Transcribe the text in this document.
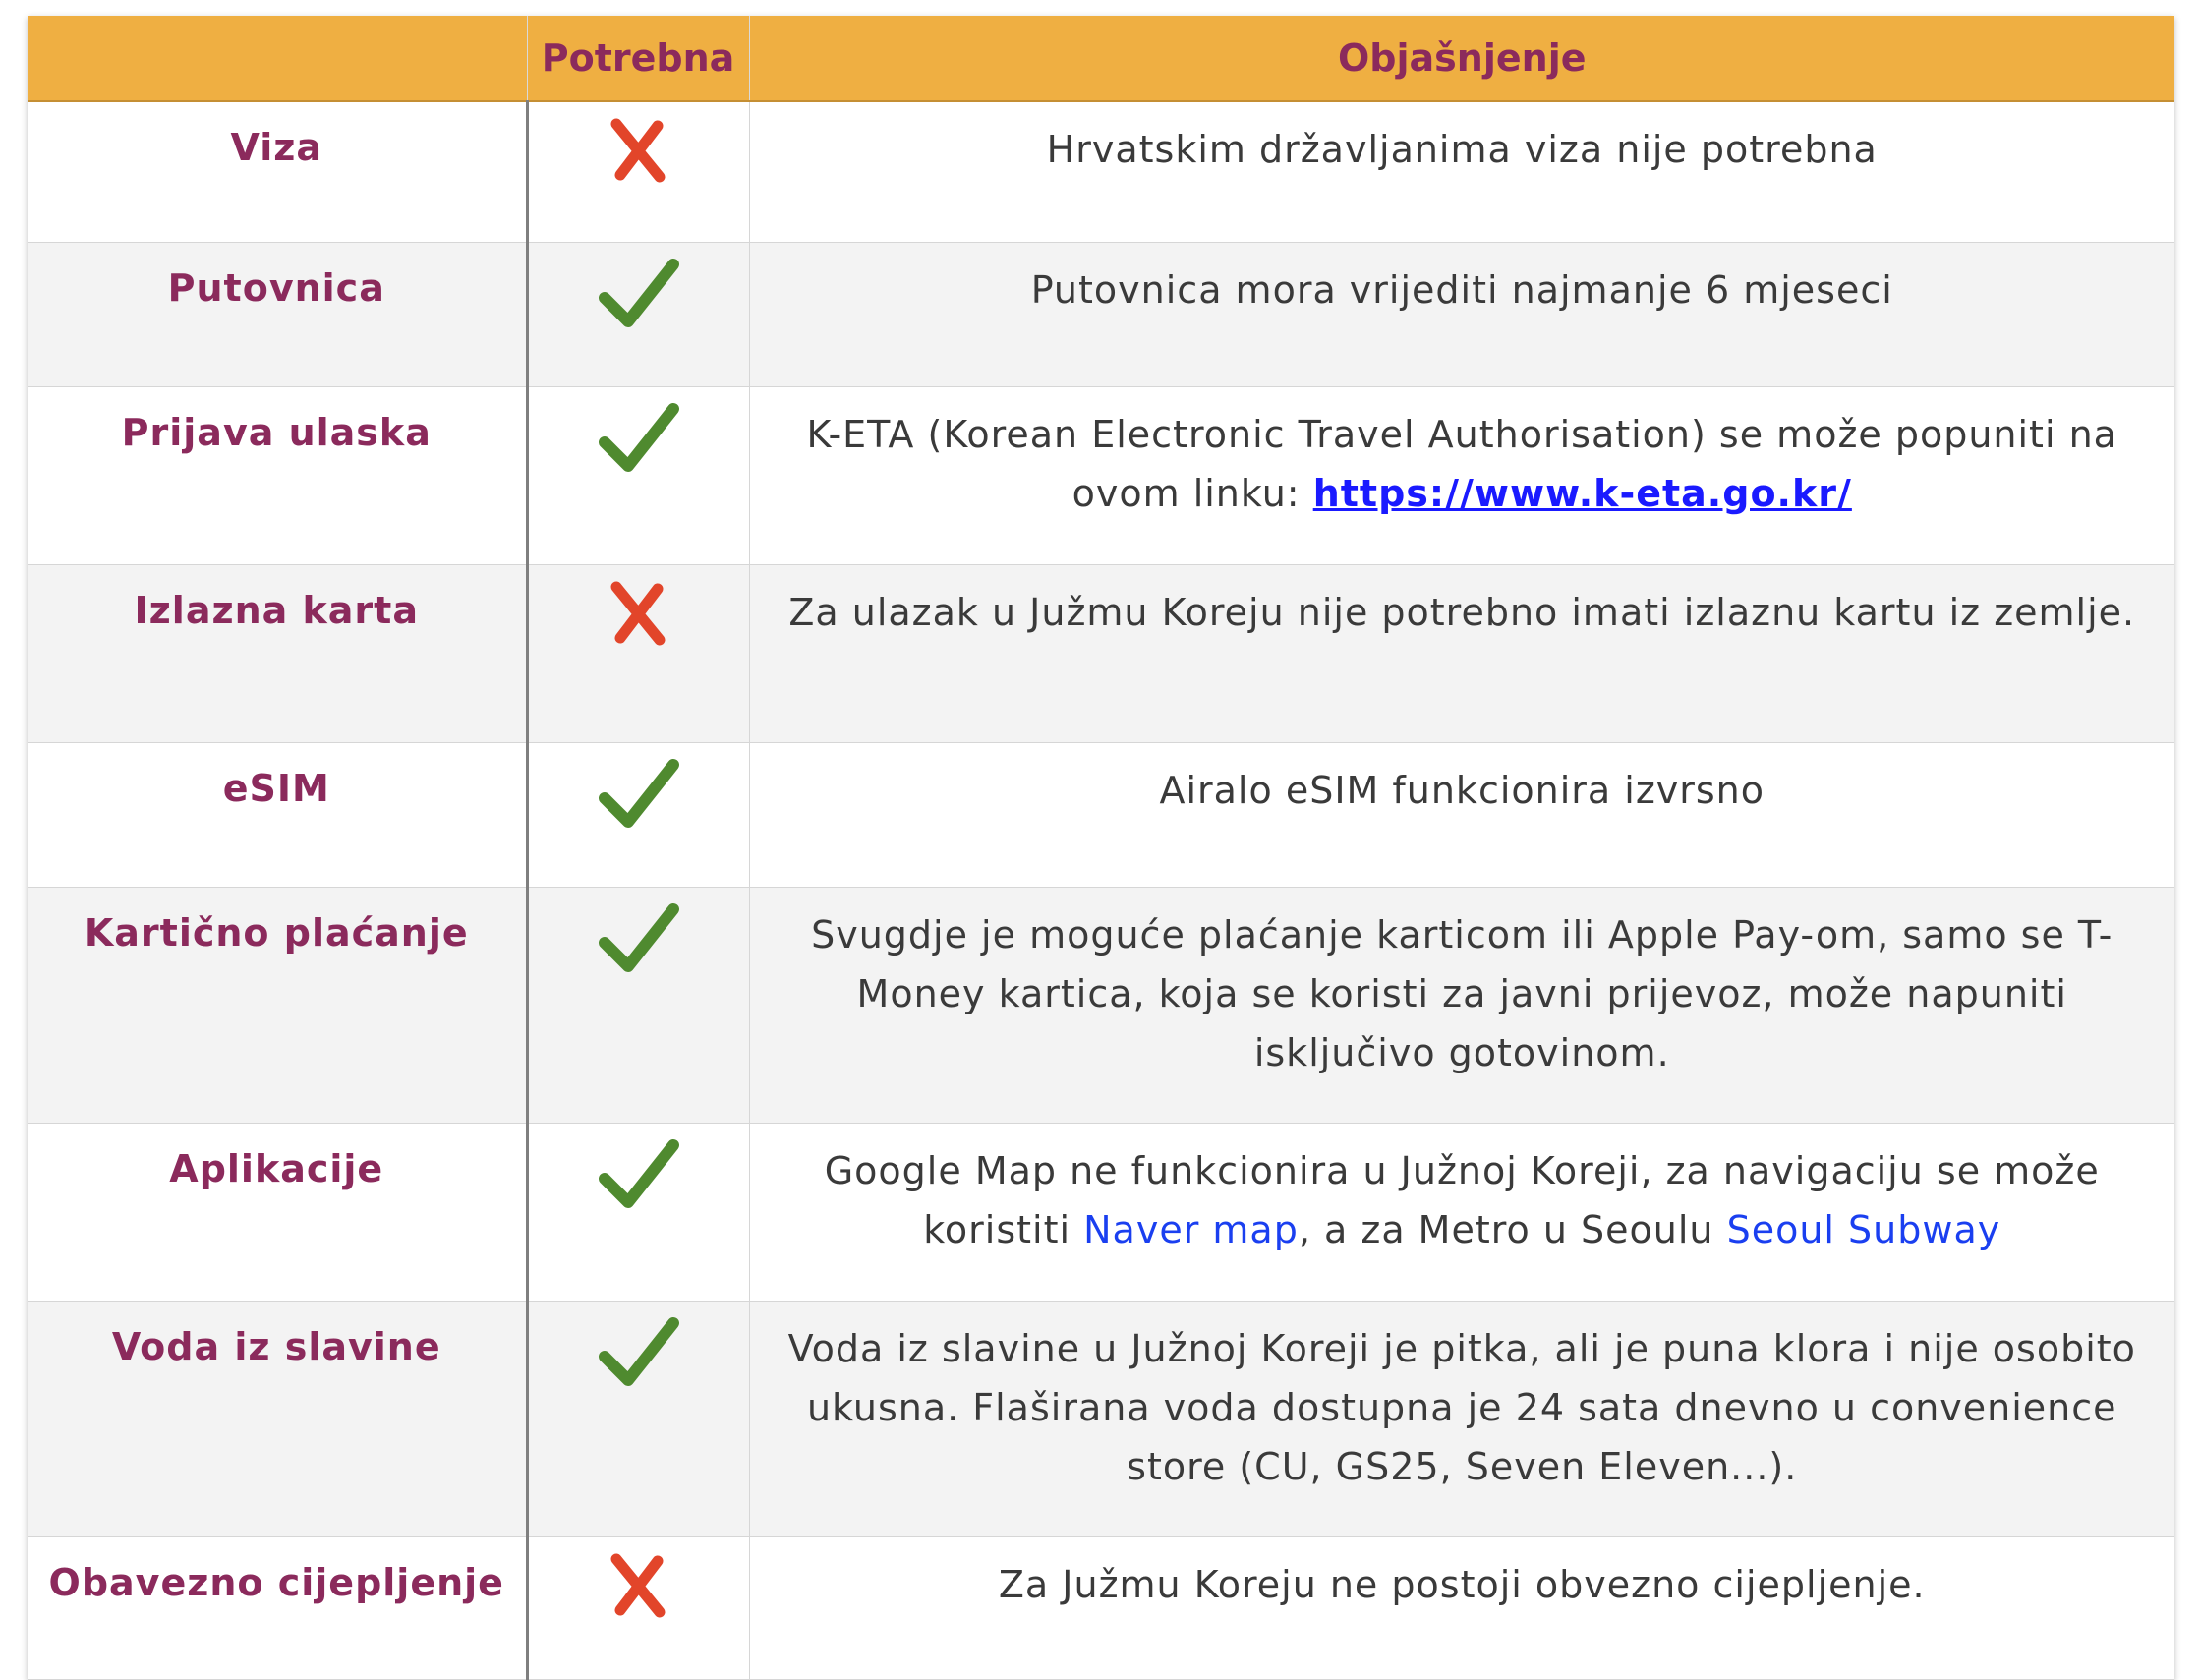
	Potrebna	Objašnjenje
Viza		Hrvatskim državljanima viza nije potrebna
Putovnica		Putovnica mora vrijediti najmanje 6 mjeseci
Prijava ulaska		K-ETA (Korean Electronic Travel Authorisation) se može popuniti na ovom linku: https://www.k-eta.go.kr/
Izlazna karta		Za ulazak u Južmu Koreju nije potrebno imati izlaznu kartu iz zemlje.
eSIM		Airalo eSIM funkcionira izvrsno
Kartično plaćanje		Svugdje je moguće plaćanje karticom ili Apple Pay-om, samo se T-Money kartica, koja se koristi za javni prijevoz, može napuniti isključivo gotovinom.
Aplikacije		Google Map ne funkcionira u Južnoj Koreji, za navigaciju se može koristiti Naver map, a za Metro u Seoulu Seoul Subway
Voda iz slavine		Voda iz slavine u Južnoj Koreji je pitka, ali je puna klora i nije osobito ukusna. Flaširana voda dostupna je 24 sata dnevno u convenience store (CU, GS25, Seven Eleven...).
Obavezno cijepljenje		Za Južmu Koreju ne postoji obvezno cijepljenje.
